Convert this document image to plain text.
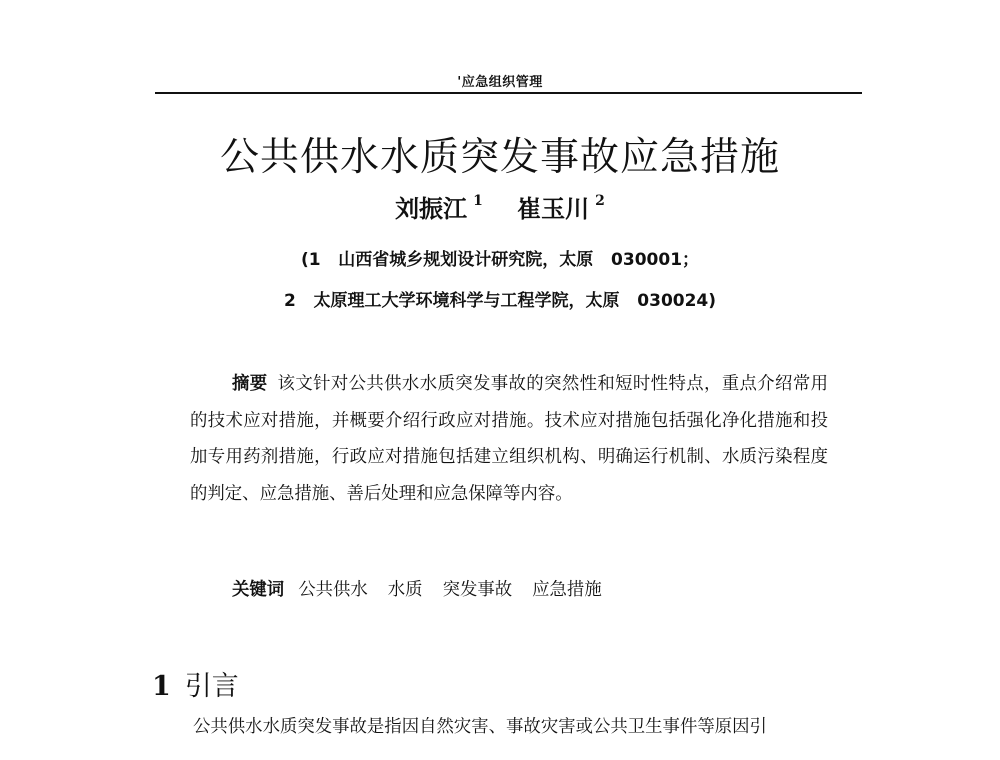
'应急组织管理
公共供水水质突发事故应急措施
刘振江 $^1$ 崔玉川 $^2$
(1   山西省城乡规划设计研究院，太原   030001；
2   太原理工大学环境科学与工程学院，太原   030024)

摘要 该文针对公共供水水质突发事故的突然性和短时性特点，重点介绍常用的技术应对措施，并概要介绍行政应对措施。技术应对措施包括强化净化措施和投加专用药剂措施，行政应对措施包括建立组织机构、明确运行机制、水质污染程度的判定、应急措施、善后处理和应急保障等内容。

关键词 公共供水 水质 突发事故 应急措施

1 引言

公共供水水质突发事故是指因自然灾害、事故灾害或公共卫生事件等原因引
